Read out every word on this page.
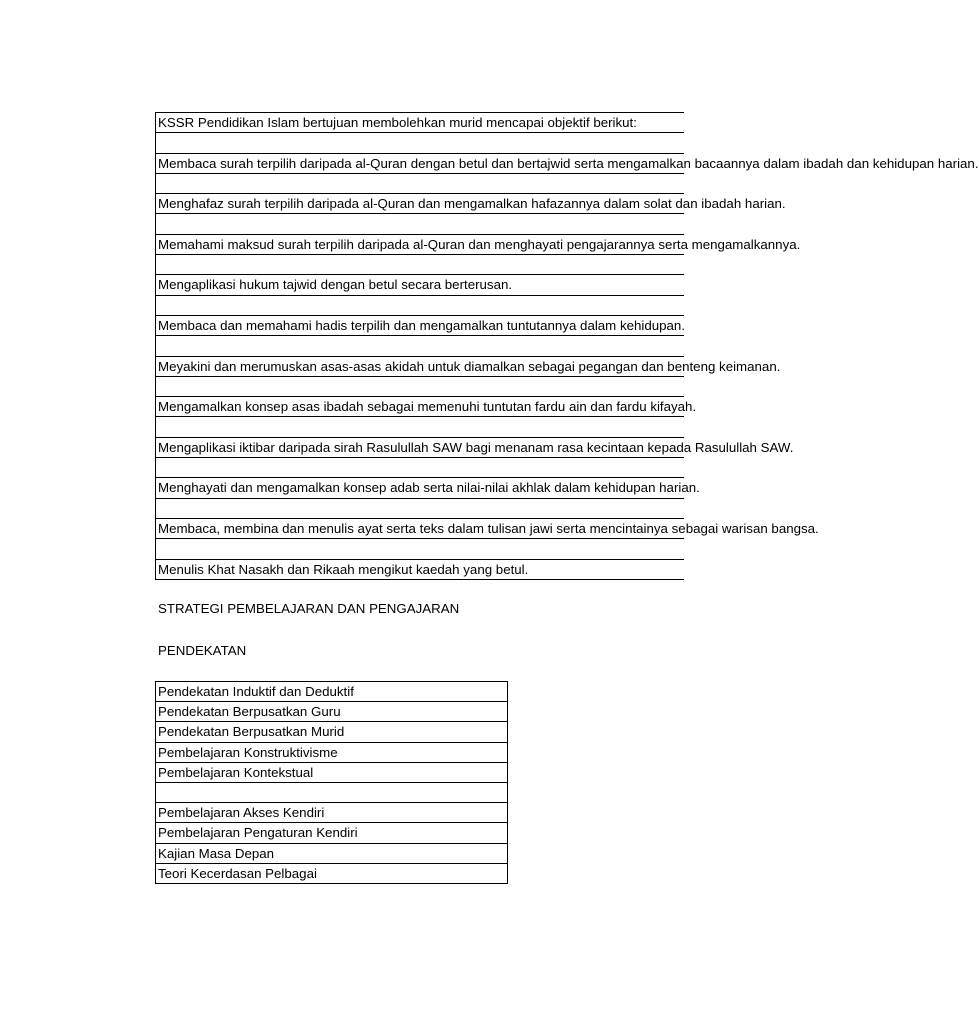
KSSR Pendidikan Islam bertujuan membolehkan murid mencapai objektif berikut:
Membaca surah terpilih daripada al-Quran dengan betul dan bertajwid serta mengamalkan bacaannya dalam ibadah dan kehidupan harian.
Menghafaz surah terpilih daripada al-Quran dan mengamalkan hafazannya dalam solat dan ibadah harian.
Memahami maksud surah terpilih daripada al-Quran dan menghayati pengajarannya serta mengamalkannya.
Mengaplikasi hukum tajwid dengan betul secara berterusan.
Membaca dan memahami hadis terpilih dan mengamalkan tuntutannya dalam kehidupan.
Meyakini dan merumuskan asas-asas akidah untuk diamalkan sebagai pegangan dan benteng keimanan.
Mengamalkan konsep asas ibadah sebagai memenuhi tuntutan fardu ain dan fardu kifayah.
Mengaplikasi iktibar daripada sirah Rasulullah SAW bagi menanam rasa kecintaan kepada Rasulullah SAW.
Menghayati dan mengamalkan konsep adab serta nilai-nilai akhlak dalam kehidupan harian.
Membaca, membina dan menulis ayat serta teks dalam tulisan jawi serta mencintainya sebagai warisan bangsa.
Menulis Khat Nasakh dan Rikaah mengikut kaedah yang betul.
STRATEGI PEMBELAJARAN DAN PENGAJARAN
PENDEKATAN
Pendekatan Induktif dan Deduktif
Pendekatan Berpusatkan Guru
Pendekatan Berpusatkan Murid
Pembelajaran Konstruktivisme
Pembelajaran Kontekstual
Pembelajaran Akses Kendiri
Pembelajaran Pengaturan Kendiri
Kajian Masa Depan
Teori Kecerdasan Pelbagai
